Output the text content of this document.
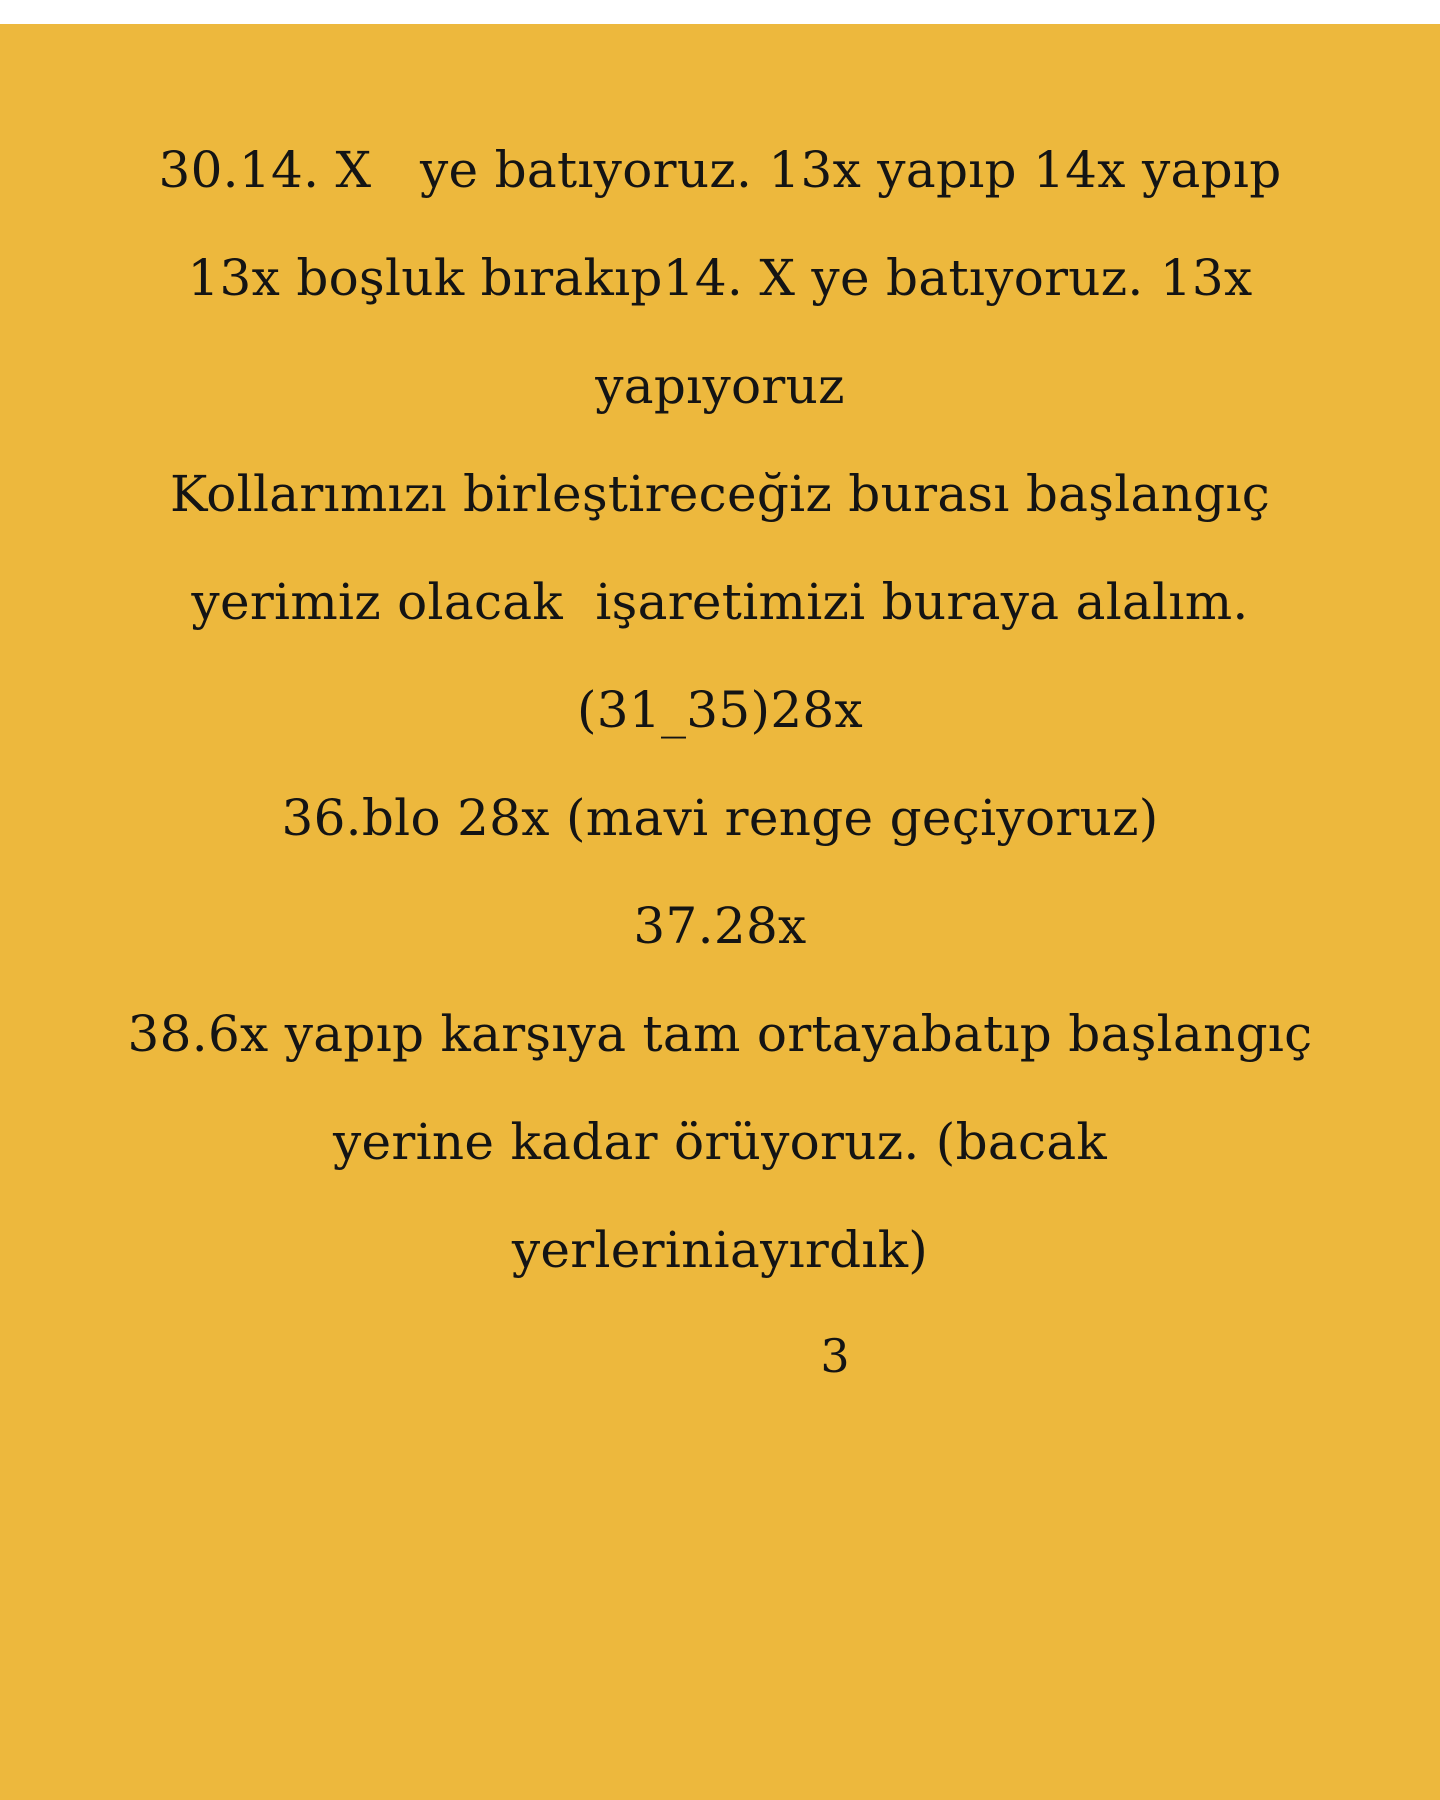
30.14. X   ye batıyoruz. 13x yapıp 14x yapıp
13x boşluk bırakıp14. X ye batıyoruz. 13x
yapıyoruz
Kollarımızı birleştireceğiz burası başlangıç
yerimiz olacak  işaretimizi buraya alalım.
(31_35)28x
36.blo 28x (mavi renge geçiyoruz)
37.28x
38.6x yapıp karşıya tam ortayabatıp başlangıç
yerine kadar örüyoruz. (bacak
yerleriniayırdık)
3
